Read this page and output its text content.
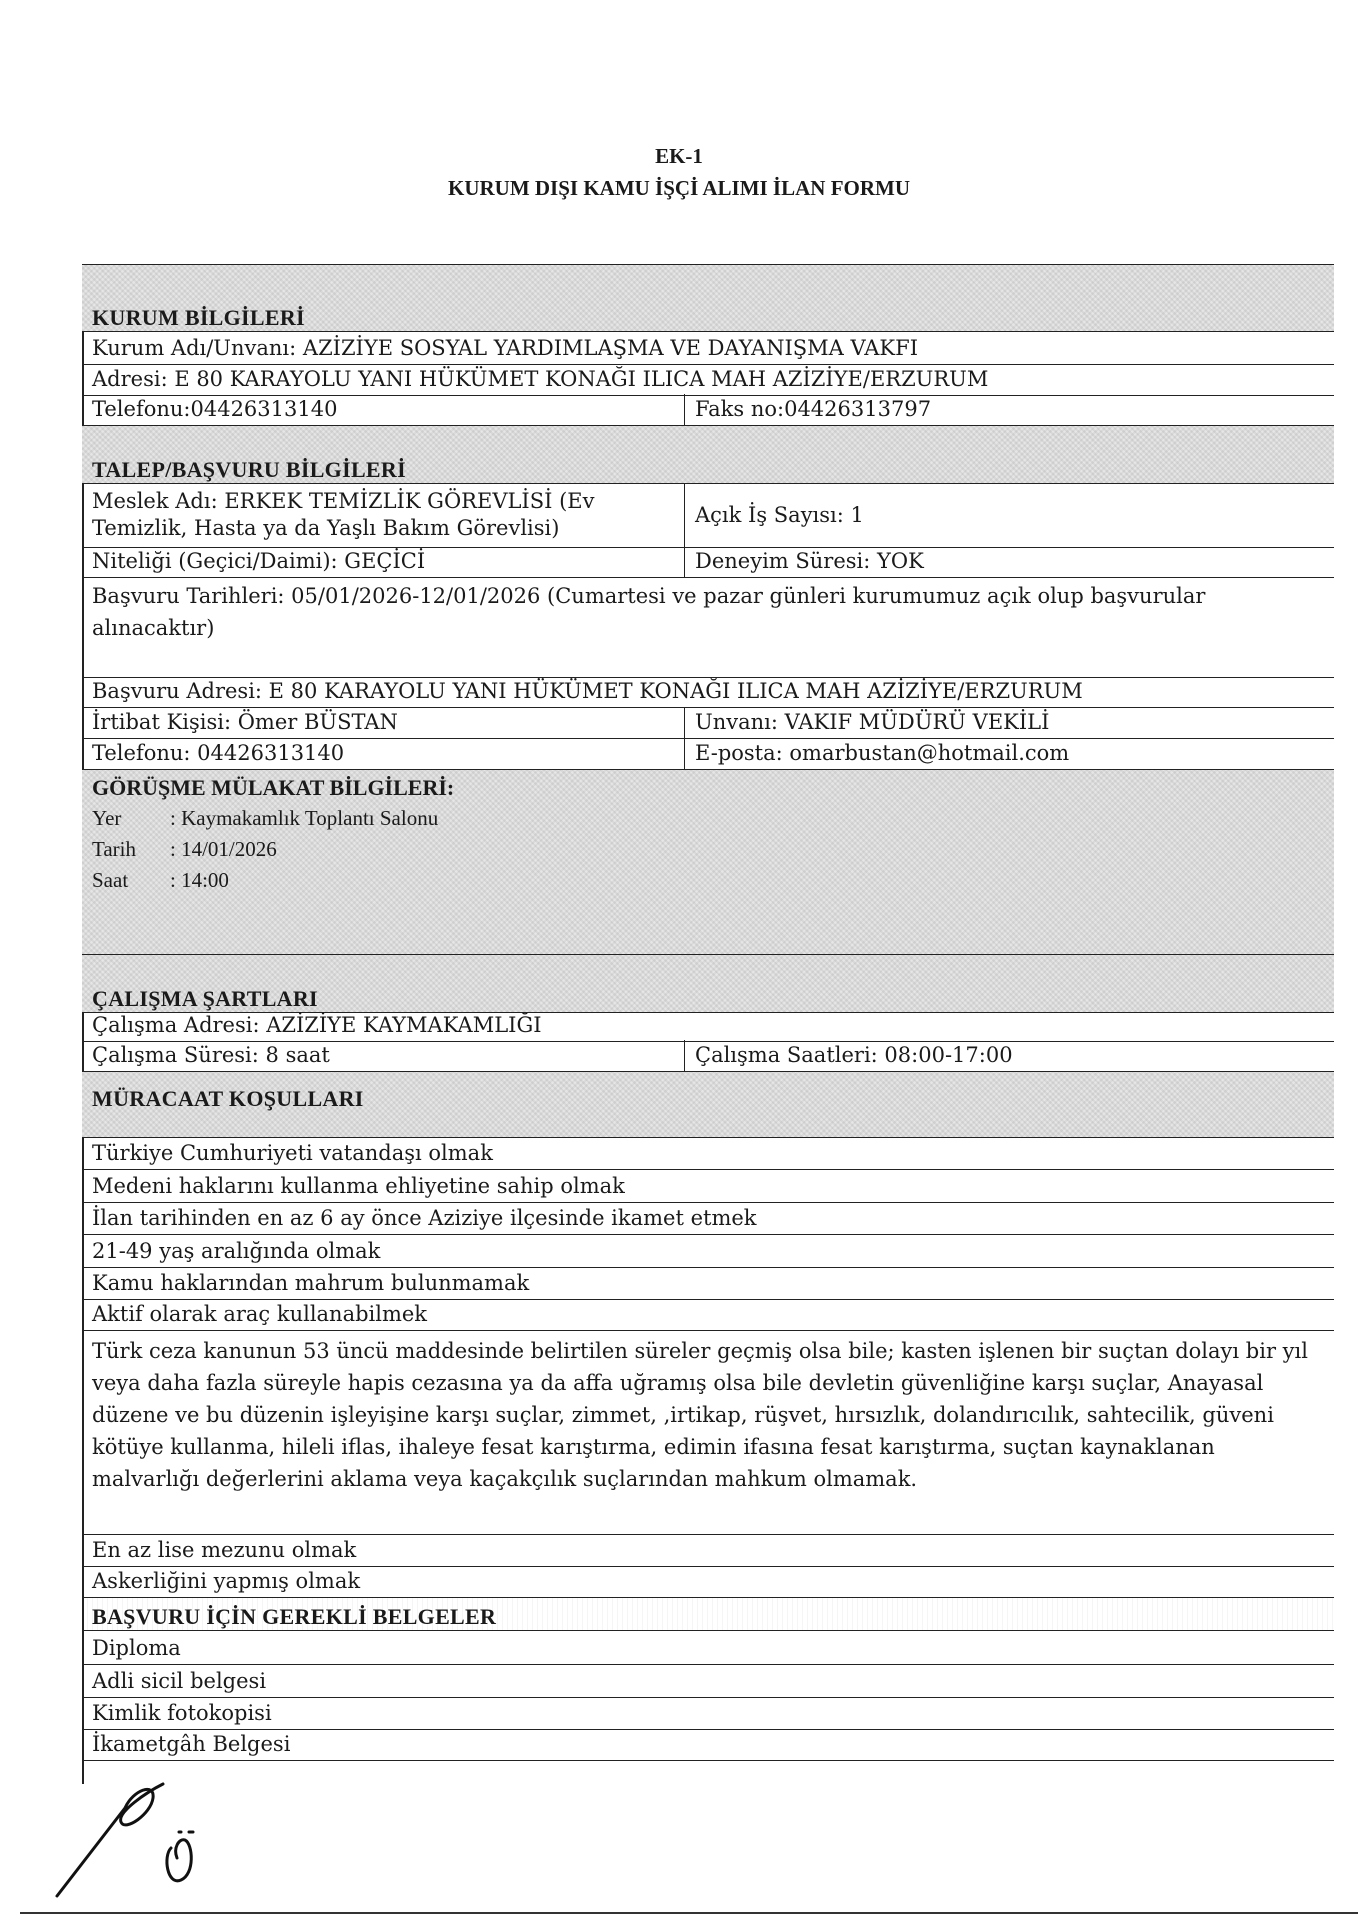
EK-1
KURUM DIŞI KAMU İŞÇİ ALIMI İLAN FORMU
KURUM BİLGİLERİ
Kurum Adı/Unvanı: AZİZİYE SOSYAL YARDIMLAŞMA VE DAYANIŞMA VAKFI
Adresi: E 80 KARAYOLU YANI HÜKÜMET KONAĞI ILICA MAH AZİZİYE/ERZURUM
Telefonu:04426313140	Faks no:04426313797
TALEP/BAŞVURU BİLGİLERİ
Meslek Adı: ERKEK TEMİZLİK GÖREVLİSİ (Ev Temizlik, Hasta ya da Yaşlı Bakım Görevlisi)
Açık İş Sayısı: 1
Niteliği (Geçici/Daimi): GEÇİCİ	Deneyim Süresi: YOK
Başvuru Tarihleri: 05/01/2026-12/01/2026 (Cumartesi ve pazar günleri kurumumuz açık olup başvurular alınacaktır)
Başvuru Adresi: E 80 KARAYOLU YANI HÜKÜMET KONAĞI ILICA MAH AZİZİYE/ERZURUM
İrtibat Kişisi: Ömer BÜSTAN	Unvanı: VAKIF MÜDÜRÜ VEKİLİ
Telefonu: 04426313140	E-posta: omarbustan@hotmail.com
GÖRÜŞME MÜLAKAT BİLGİLERİ:
Yer	: Kaymakamlık Toplantı Salonu
Tarih	: 14/01/2026
Saat	: 14:00
ÇALIŞMA ŞARTLARI
Çalışma Adresi: AZİZİYE KAYMAKAMLIĞI
Çalışma Süresi: 8 saat	Çalışma Saatleri: 08:00-17:00
MÜRACAAT KOŞULLARI
Türkiye Cumhuriyeti vatandaşı olmak
Medeni haklarını kullanma ehliyetine sahip olmak
İlan tarihinden en az 6 ay önce Aziziye ilçesinde ikamet etmek
21-49 yaş aralığında olmak
Kamu haklarından mahrum bulunmamak
Aktif olarak araç kullanabilmek
Türk ceza kanunun 53 üncü maddesinde belirtilen süreler geçmiş olsa bile; kasten işlenen bir suçtan dolayı bir yıl veya daha fazla süreyle hapis cezasına ya da affa uğramış olsa bile devletin güvenliğine karşı suçlar, Anayasal düzene ve bu düzenin işleyişine karşı suçlar, zimmet, ,irtikap, rüşvet, hırsızlık, dolandırıcılık, sahtecilik, güveni kötüye kullanma, hileli iflas, ihaleye fesat karıştırma, edimin ifasına fesat karıştırma, suçtan kaynaklanan malvarlığı değerlerini aklama veya kaçakçılık suçlarından mahkum olmamak.
En az lise mezunu olmak
Askerliğini yapmış olmak
BAŞVURU İÇİN GEREKLİ BELGELER
Diploma
Adli sicil belgesi
Kimlik fotokopisi
İkametgâh Belgesi
